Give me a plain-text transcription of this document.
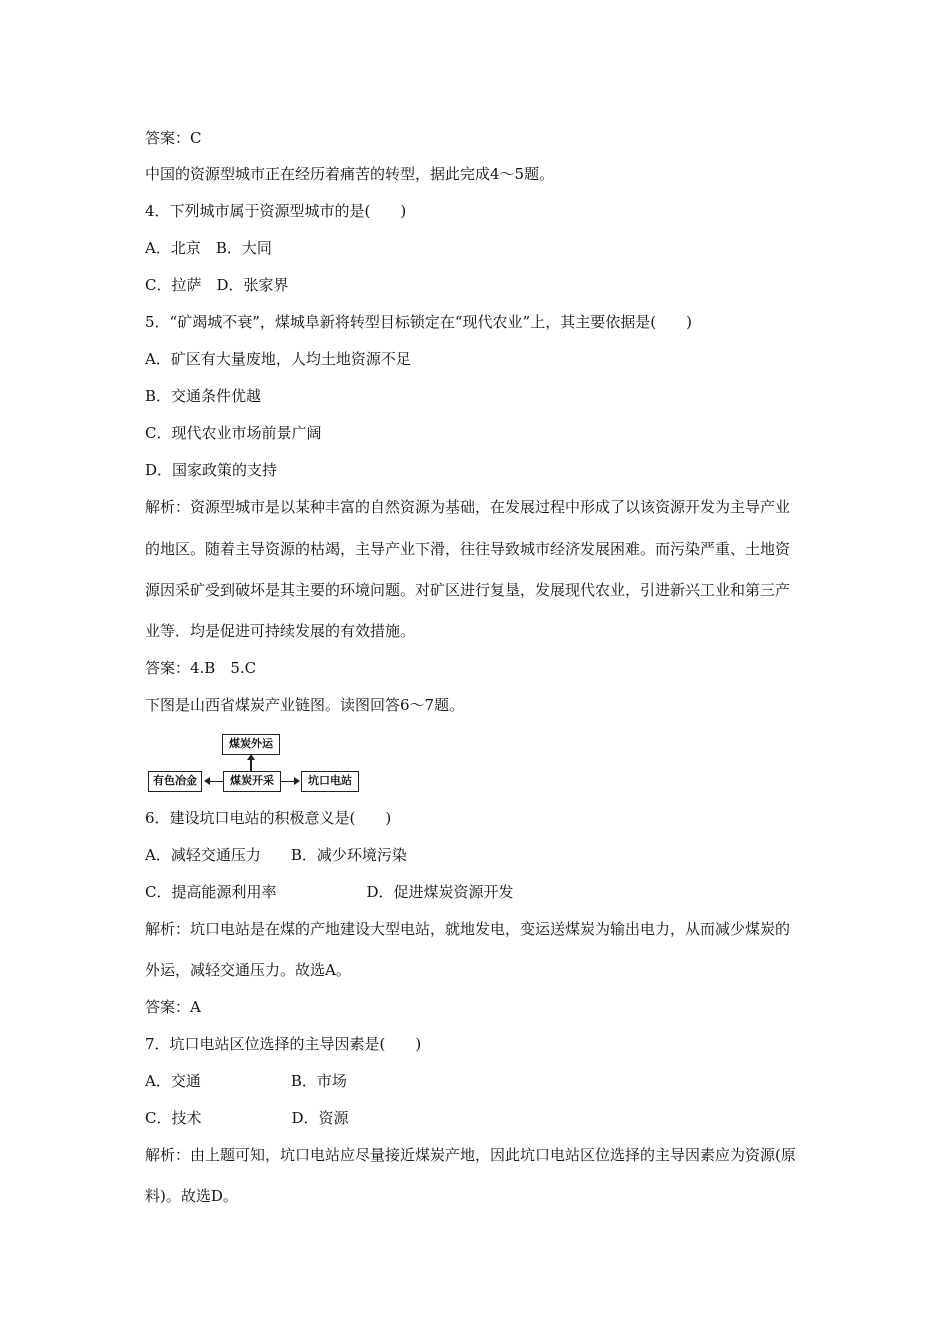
答案：C
中国的资源型城市正在经历着痛苦的转型，据此完成4～5题。
4．下列城市属于资源型城市的是(　　)
A．北京　B．大同
C．拉萨　D．张家界
5．“矿竭城不衰”，煤城阜新将转型目标锁定在“现代农业”上，其主要依据是(　　)
A．矿区有大量废地，人均土地资源不足
B．交通条件优越
C．现代农业市场前景广阔
D．国家政策的支持
解析：资源型城市是以某种丰富的自然资源为基础，在发展过程中形成了以该资源开发为主导产业
的地区。随着主导资源的枯竭，主导产业下滑，往往导致城市经济发展困难。而污染严重、土地资
源因采矿受到破坏是其主要的环境问题。对矿区进行复垦，发展现代农业，引进新兴工业和第三产
业等．均是促进可持续发展的有效措施。
答案：4.B　5.C
下图是山西省煤炭产业链图。读图回答6～7题。
6．建设坑口电站的积极意义是(　　)
A．减轻交通压力　　B．减少环境污染
C．提高能源利用率　　　　　　D．促进煤炭资源开发
解析：坑口电站是在煤的产地建设大型电站，就地发电，变运送煤炭为输出电力，从而减少煤炭的
外运，减轻交通压力。故选A。
答案：A
7．坑口电站区位选择的主导因素是(　　)
A．交通　　　　　　B．市场
C．技术　　　　　　D．资源
解析：由上题可知，坑口电站应尽量接近煤炭产地，因此坑口电站区位选择的主导因素应为资源(原
料)。故选D。
煤炭外运
有色冶金	煤炭开采	坑口电站
